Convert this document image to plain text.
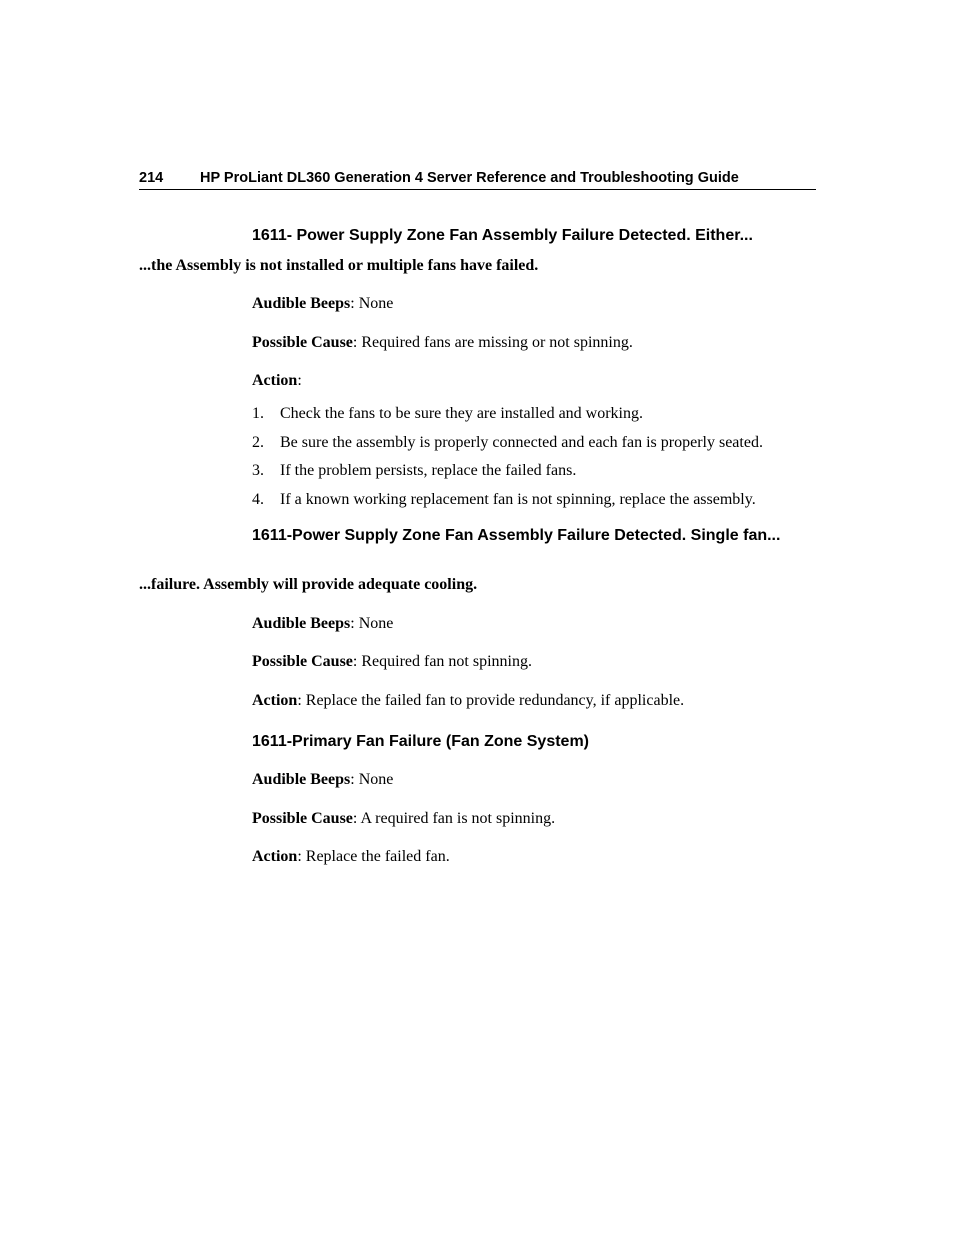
214	HP ProLiant DL360 Generation 4 Server Reference and Troubleshooting Guide
1611- Power Supply Zone Fan Assembly Failure Detected. Either...
...the Assembly is not installed or multiple fans have failed.
Audible Beeps: None
Possible Cause: Required fans are missing or not spinning.
Action:
1. Check the fans to be sure they are installed and working.
2. Be sure the assembly is properly connected and each fan is properly seated.
3. If the problem persists, replace the failed fans.
4. If a known working replacement fan is not spinning, replace the assembly.
1611-Power Supply Zone Fan Assembly Failure Detected. Single fan...
...failure. Assembly will provide adequate cooling.
Audible Beeps: None
Possible Cause: Required fan not spinning.
Action: Replace the failed fan to provide redundancy, if applicable.
1611-Primary Fan Failure (Fan Zone System)
Audible Beeps: None
Possible Cause: A required fan is not spinning.
Action: Replace the failed fan.
